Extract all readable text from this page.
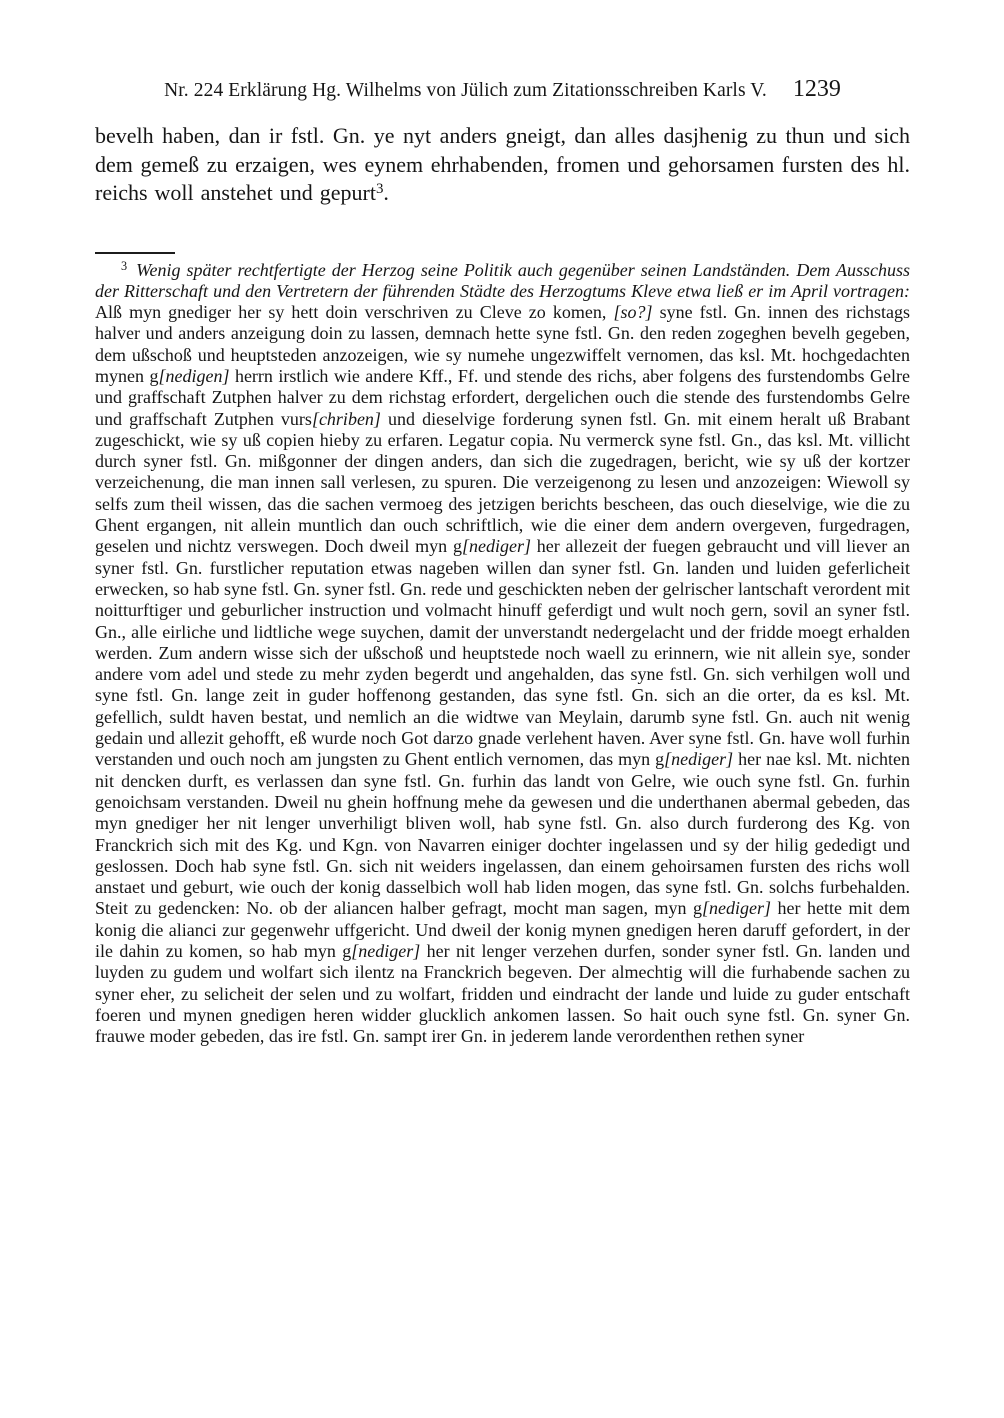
Nr. 224 Erklärung Hg. Wilhelms von Jülich zum Zitationsschreiben Karls V. 1239

bevelh haben, dan ir fstl. Gn. ye nyt anders gneigt, dan alles dasjhenig zu thun und sich dem gemeß zu erzaigen, wes eynem ehrhabenden, fromen und gehorsamen fursten des hl. reichs woll anstehet und gepurt$^3$.

$^3$ Wenig später rechtfertigte der Herzog seine Politik auch gegenüber seinen Landständen. Dem Ausschuss der Ritterschaft und den Vertretern der führenden Städte des Herzogtums Kleve etwa ließ er im April vortragen: Alß myn gnediger her sy hett doin verschriven zu Cleve zo komen, [so?] syne fstl. Gn. innen des richstags halver und anders anzeigung doin zu lassen, demnach hette syne fstl. Gn. den reden zogeghen bevelh gegeben, dem ußschoß und heuptsteden anzozeigen, wie sy numehe ungezwiffelt vernomen, das ksl. Mt. hochgedachten mynen g[nedigen] herrn irstlich wie andere Kff., Ff. und stende des richs, aber folgens des furstendombs Gelre und graffschaft Zutphen halver zu dem richstag erfordert, dergelichen ouch die stende des furstendombs Gelre und graffschaft Zutphen vurs[chriben] und dieselvige forderung synen fstl. Gn. mit einem heralt uß Brabant zugeschickt, wie sy uß copien hieby zu erfaren. Legatur copia. Nu vermerck syne fstl. Gn., das ksl. Mt. villicht durch syner fstl. Gn. mißgonner der dingen anders, dan sich die zugedragen, bericht, wie sy uß der kortzer verzeichenung, die man innen sall verlesen, zu spuren. Die verzeigenong zu lesen und anzozeigen: Wiewoll sy selfs zum theil wissen, das die sachen vermoeg des jetzigen berichts bescheen, das ouch dieselvige, wie die zu Ghent ergangen, nit allein muntlich dan ouch schriftlich, wie die einer dem andern overgeven, furgedragen, geselen und nichtz verswegen. Doch dweil myn g[nediger] her allezeit der fuegen gebraucht und vill liever an syner fstl. Gn. furstlicher reputation etwas nageben willen dan syner fstl. Gn. landen und luiden geferlicheit erwecken, so hab syne fstl. Gn. syner fstl. Gn. rede und geschickten neben der gelrischer lantschaft verordent mit noitturftiger und geburlicher instruction und volmacht hinuff geferdigt und wult noch gern, sovil an syner fstl. Gn., alle eirliche und lidtliche wege suychen, damit der unverstandt nedergelacht und der fridde moegt erhalden werden. Zum andern wisse sich der ußschoß und heuptstede noch waell zu erinnern, wie nit allein sye, sonder andere vom adel und stede zu mehr zyden begerdt und angehalden, das syne fstl. Gn. sich verhilgen woll und syne fstl. Gn. lange zeit in guder hoffenong gestanden, das syne fstl. Gn. sich an die orter, da es ksl. Mt. gefellich, suldt haven bestat, und nemlich an die widtwe van Meylain, darumb syne fstl. Gn. auch nit wenig gedain und allezit gehofft, eß wurde noch Got darzo gnade verlehent haven. Aver syne fstl. Gn. have woll furhin verstanden und ouch noch am jungsten zu Ghent entlich vernomen, das myn g[nediger] her nae ksl. Mt. nichten nit dencken durft, es verlassen dan syne fstl. Gn. furhin das landt von Gelre, wie ouch syne fstl. Gn. furhin genoichsam verstanden. Dweil nu ghein hoffnung mehe da gewesen und die underthanen abermal gebeden, das myn gnediger her nit lenger unverhiligt bliven woll, hab syne fstl. Gn. also durch furderong des Kg. von Franckrich sich mit des Kg. und Kgn. von Navarren einiger dochter ingelassen und sy der hilig gededigt und geslossen. Doch hab syne fstl. Gn. sich nit weiders ingelassen, dan einem gehoirsamen fursten des richs woll anstaet und geburt, wie ouch der konig dasselbich woll hab liden mogen, das syne fstl. Gn. solchs furbehalden. Steit zu gedencken: No. ob der aliancen halber gefragt, mocht man sagen, myn g[nediger] her hette mit dem konig die alianci zur gegenwehr uffgericht. Und dweil der konig mynen gnedigen heren daruff gefordert, in der ile dahin zu komen, so hab myn g[nediger] her nit lenger verzehen durfen, sonder syner fstl. Gn. landen und luyden zu gudem und wolfart sich ilentz na Franckrich begeven. Der almechtig will die furhabende sachen zu syner eher, zu selicheit der selen und zu wolfart, fridden und eindracht der lande und luide zu guder entschaft foeren und mynen gnedigen heren widder glucklich ankomen lassen. So hait ouch syne fstl. Gn. syner Gn. frauwe moder gebeden, das ire fstl. Gn. sampt irer Gn. in jederem lande verordenthen rethen syner
